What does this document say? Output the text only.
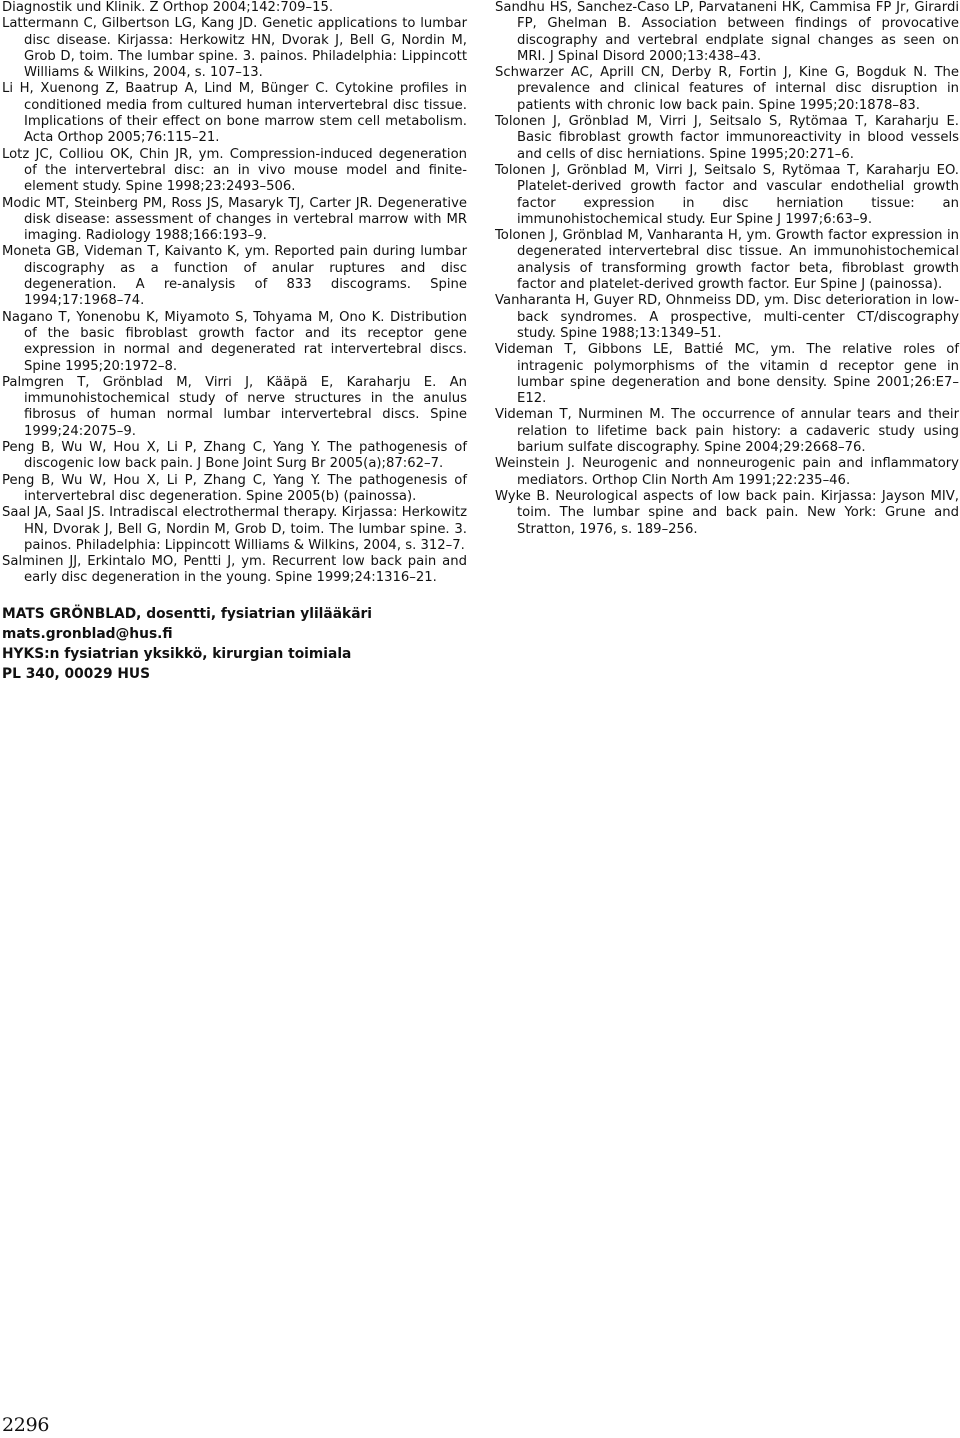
Diagnostik und Klinik. Z Orthop 2004;142:709–15.

Lattermann C, Gilbertson LG, Kang JD. Genetic applications to lumbar disc disease. Kirjassa: Herkowitz HN, Dvorak J, Bell G, Nordin M, Grob D, toim. The lumbar spine. 3. painos. Philadelphia: Lippincott Williams & Wilkins, 2004, s. 107–13.

Li H, Xuenong Z, Baatrup A, Lind M, Bünger C. Cytokine profiles in conditioned media from cultured human intervertebral disc tissue. Implications of their effect on bone marrow stem cell metabolism. Acta Orthop 2005;76:115–21.

Lotz JC, Colliou OK, Chin JR, ym. Compression-induced degeneration of the intervertebral disc: an in vivo mouse model and finite-element study. Spine 1998;23:2493–506.

Modic MT, Steinberg PM, Ross JS, Masaryk TJ, Carter JR. Degenerative disk disease: assessment of changes in vertebral marrow with MR imaging. Radiology 1988;166:193–9.

Moneta GB, Videman T, Kaivanto K, ym. Reported pain during lumbar discography as a function of anular ruptures and disc degeneration. A re-analysis of 833 discograms. Spine 1994;17:1968–74.

Nagano T, Yonenobu K, Miyamoto S, Tohyama M, Ono K. Distribution of the basic fibroblast growth factor and its receptor gene expression in normal and degenerated rat intervertebral discs. Spine 1995;20:1972–8.

Palmgren T, Grönblad M, Virri J, Kääpä E, Karaharju E. An immunohistochemical study of nerve structures in the anulus fibrosus of human normal lumbar intervertebral discs. Spine 1999;24:2075–9.

Peng B, Wu W, Hou X, Li P, Zhang C, Yang Y. The pathogenesis of discogenic low back pain. J Bone Joint Surg Br 2005(a);87:62–7.

Peng B, Wu W, Hou X, Li P, Zhang C, Yang Y. The pathogenesis of intervertebral disc degeneration. Spine 2005(b) (painossa).

Saal JA, Saal JS. Intradiscal electrothermal therapy. Kirjassa: Herkowitz HN, Dvorak J, Bell G, Nordin M, Grob D, toim. The lumbar spine. 3. painos. Philadelphia: Lippincott Williams & Wilkins, 2004, s. 312–7.

Salminen JJ, Erkintalo MO, Pentti J, ym. Recurrent low back pain and early disc degeneration in the young. Spine 1999;24:1316–21.

Sandhu HS, Sanchez-Caso LP, Parvataneni HK, Cammisa FP Jr, Girardi FP, Ghelman B. Association between findings of provocative discography and vertebral endplate signal changes as seen on MRI. J Spinal Disord 2000;13:438–43.

Schwarzer AC, Aprill CN, Derby R, Fortin J, Kine G, Bogduk N. The prevalence and clinical features of internal disc disruption in patients with chronic low back pain. Spine 1995;20:1878–83.

Tolonen J, Grönblad M, Virri J, Seitsalo S, Rytömaa T, Karaharju E. Basic fibroblast growth factor immunoreactivity in blood vessels and cells of disc herniations. Spine 1995;20:271–6.

Tolonen J, Grönblad M, Virri J, Seitsalo S, Rytömaa T, Karaharju EO. Platelet-derived growth factor and vascular endothelial growth factor expression in disc herniation tissue: an immunohistochemical study. Eur Spine J 1997;6:63–9.

Tolonen J, Grönblad M, Vanharanta H, ym. Growth factor expression in degenerated intervertebral disc tissue. An immunohistochemical analysis of transforming growth factor beta, fibroblast growth factor and platelet-derived growth factor. Eur Spine J (painossa).

Vanharanta H, Guyer RD, Ohnmeiss DD, ym. Disc deterioration in low-back syndromes. A prospective, multi-center CT/discography study. Spine 1988;13:1349–51.

Videman T, Gibbons LE, Battié MC, ym. The relative roles of intragenic polymorphisms of the vitamin d receptor gene in lumbar spine degeneration and bone density. Spine 2001;26:E7–E12.

Videman T, Nurminen M. The occurrence of annular tears and their relation to lifetime back pain history: a cadaveric study using barium sulfate discography. Spine 2004;29:2668–76.

Weinstein J. Neurogenic and nonneurogenic pain and inflammatory mediators. Orthop Clin North Am 1991;22:235–46.

Wyke B. Neurological aspects of low back pain. Kirjassa: Jayson MIV, toim. The lumbar spine and back pain. New York: Grune and Stratton, 1976, s. 189–256.

MATS GRÖNBLAD, dosentti, fysiatrian ylilääkäri
mats.gronblad@hus.fi
HYKS:n fysiatrian yksikkö, kirurgian toimiala
PL 340, 00029 HUS
2296
